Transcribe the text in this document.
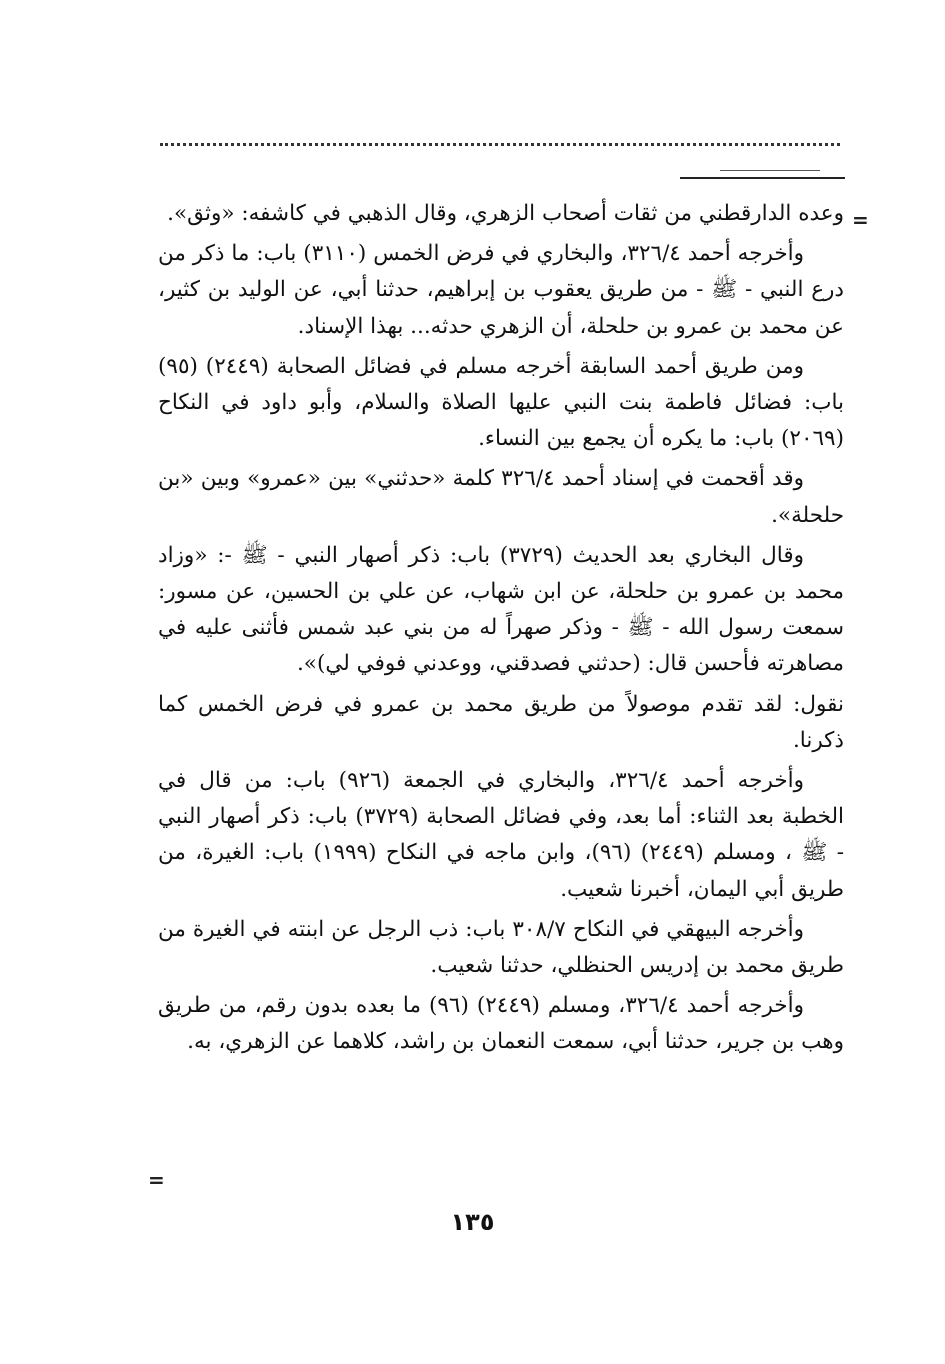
=

وعده الدارقطني من ثقات أصحاب الزهري، وقال الذهبي في كاشفه: «وثق».

وأخرجه أحمد ٣٢٦/٤، والبخاري في فرض الخمس (٣١١٠) باب: ما ذكر من درع النبي - ﷺ - من طريق يعقوب بن إبراهيم، حدثنا أبي، عن الوليد بن كثير، عن محمد بن عمرو بن حلحلة، أن الزهري حدثه... بهذا الإسناد.

ومن طريق أحمد السابقة أخرجه مسلم في فضائل الصحابة (٢٤٤٩) (٩٥) باب: فضائل فاطمة بنت النبي عليها الصلاة والسلام، وأبو داود في النكاح (٢٠٦٩) باب: ما يكره أن يجمع بين النساء.

وقد أقحمت في إسناد أحمد ٣٢٦/٤ كلمة «حدثني» بين «عمرو» وبين «بن حلحلة».

وقال البخاري بعد الحديث (٣٧٢٩) باب: ذكر أصهار النبي - ﷺ -: «وزاد محمد بن عمرو بن حلحلة، عن ابن شهاب، عن علي بن الحسين، عن مسور: سمعت رسول الله - ﷺ - وذكر صهراً له من بني عبد شمس فأثنى عليه في مصاهرته فأحسن قال: (حدثني فصدقني، ووعدني فوفي لي)».

نقول: لقد تقدم موصولاً من طريق محمد بن عمرو في فرض الخمس كما ذكرنا.

وأخرجه أحمد ٣٢٦/٤، والبخاري في الجمعة (٩٢٦) باب: من قال في الخطبة بعد الثناء: أما بعد، وفي فضائل الصحابة (٣٧٢٩) باب: ذكر أصهار النبي - ﷺ ، ومسلم (٢٤٤٩) (٩٦)، وابن ماجه في النكاح (١٩٩٩) باب: الغيرة، من طريق أبي اليمان، أخبرنا شعيب.

وأخرجه البيهقي في النكاح ٣٠٨/٧ باب: ذب الرجل عن ابنته في الغيرة من طريق محمد بن إدريس الحنظلي، حدثنا شعيب.

وأخرجه أحمد ٣٢٦/٤، ومسلم (٢٤٤٩) (٩٦) ما بعده بدون رقم، من طريق وهب بن جرير، حدثنا أبي، سمعت النعمان بن راشد، كلاهما عن الزهري، به.

=
١٣٥
